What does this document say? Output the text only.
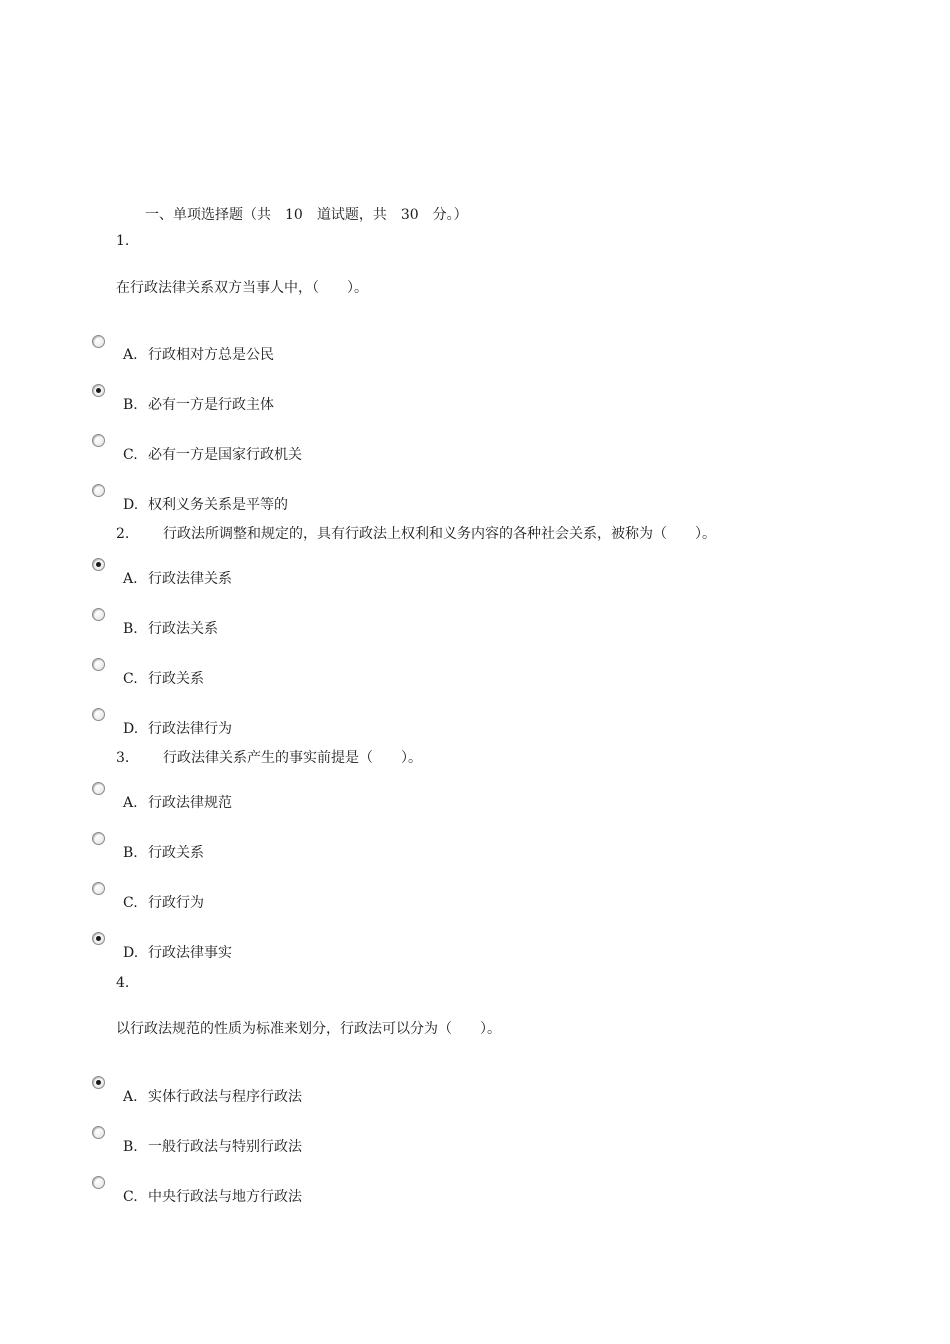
一、单项选择题（共　10　道试题，共　30　分。）
1.
在行政法律关系双方当事人中，（　　）。
A. 行政相对方总是公民
B. 必有一方是行政主体
C. 必有一方是国家行政机关
D. 权利义务关系是平等的
2. 行政法所调整和规定的，具有行政法上权利和义务内容的各种社会关系，被称为（　　）。
A. 行政法律关系
B. 行政法关系
C. 行政关系
D. 行政法律行为
3. 行政法律关系产生的事实前提是（　　）。
A. 行政法律规范
B. 行政关系
C. 行政行为
D. 行政法律事实
4.
以行政法规范的性质为标准来划分，行政法可以分为（　　）。
A. 实体行政法与程序行政法
B. 一般行政法与特别行政法
C. 中央行政法与地方行政法
